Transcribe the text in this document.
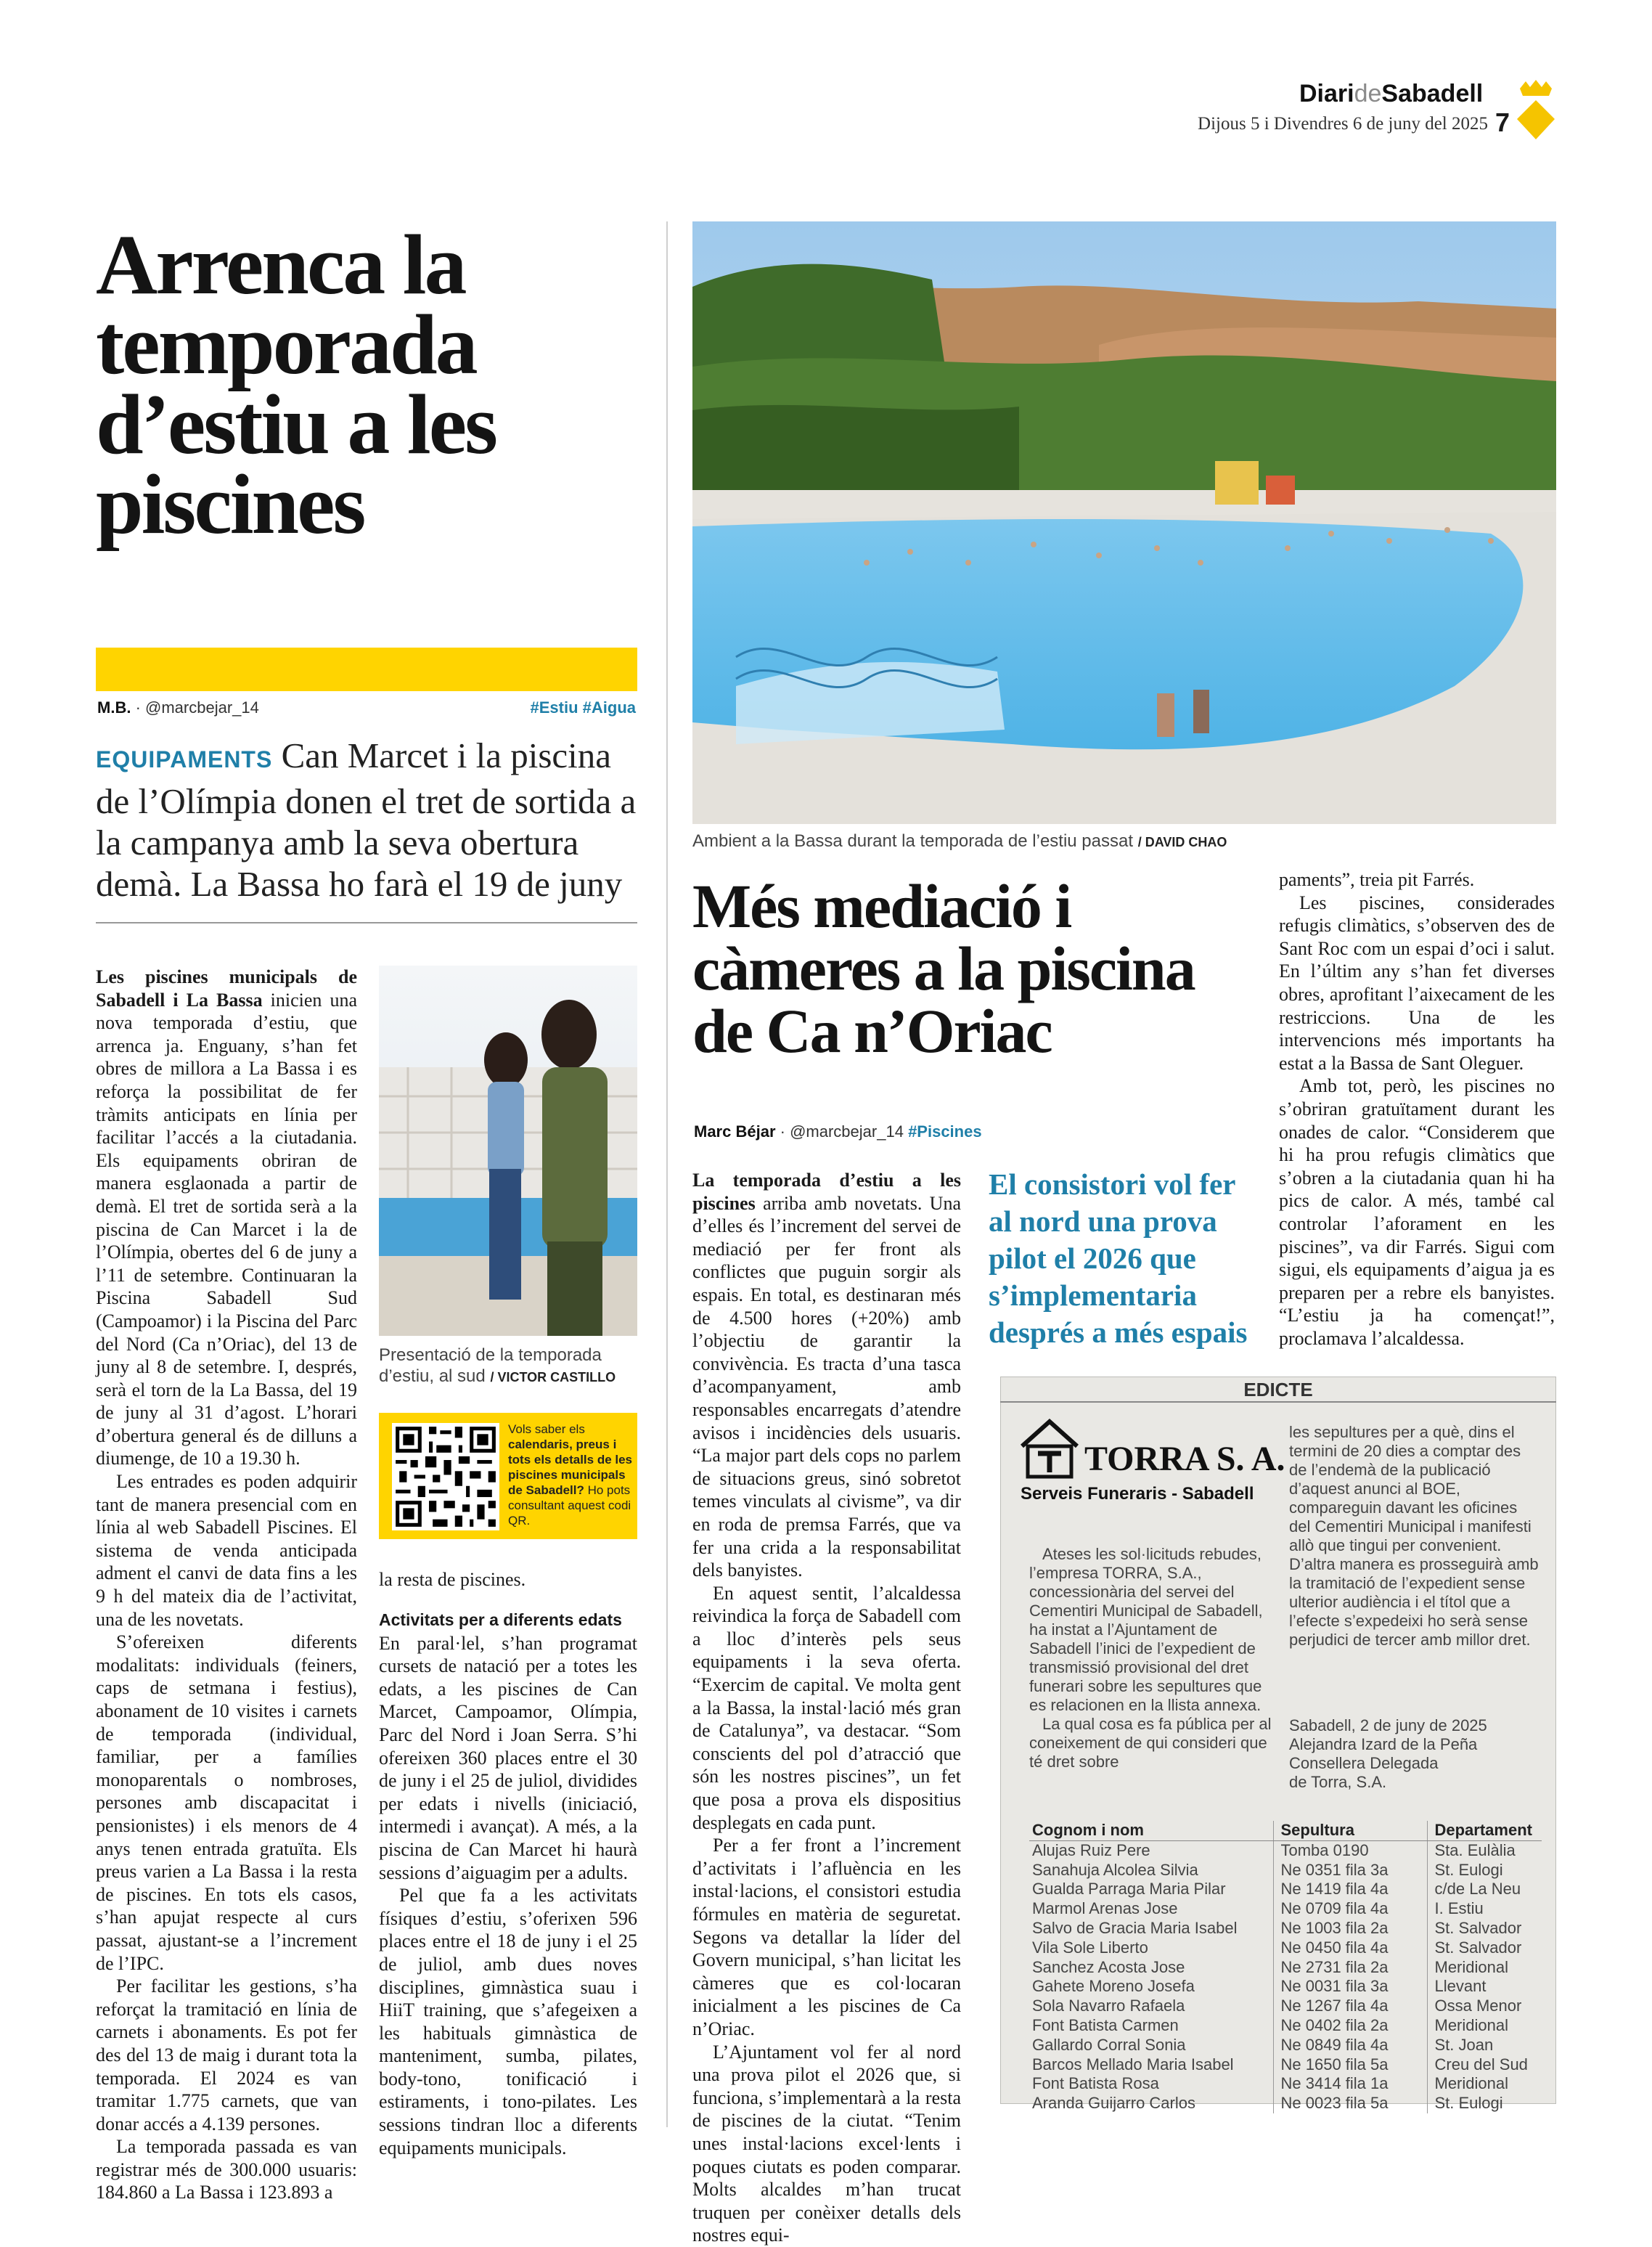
DiarideSabadell
Dijous 5 i Divendres 6 de juny del 2025 7
Arrenca la temporada d’estiu a les piscines
M.B. · @marcbejar_14	#Estiu #Aigua
EQUIPAMENTS Can Marcet i la piscina de l’Olímpia donen el tret de sortida a la campanya amb la seva obertura demà. La Bassa ho farà el 19 de juny

Les piscines municipals de Sabadell i La Bassa inicien una nova temporada d’estiu, que arrenca ja. Enguany, s’han fet obres de millora a La Bassa i es reforça la possibilitat de fer tràmits anticipats en línia per facilitar l’accés a la ciutadania. Els equipaments obriran de manera esglaonada a partir de demà. El tret de sortida serà a la piscina de Can Marcet i la de l’Olímpia, obertes del 6 de juny a l’11 de setembre. Continuaran la Piscina Sabadell Sud (Campoamor) i la Piscina del Parc del Nord (Ca n’Oriac), del 13 de juny al 8 de setembre. I, després, serà el torn de la La Bassa, del 19 de juny al 31 d’agost. L’horari d’obertura general és de dilluns a diumenge, de 10 a 19.30 h.

Les entrades es poden adquirir tant de manera presencial com en línia al web Sabadell Piscines. El sistema de venda anticipada adment el canvi de data fins a les 9 h del mateix dia de l’activitat, una de les novetats.

S’ofereixen diferents modalitats: individuals (feiners, caps de setmana i festius), abonament de 10 visites i carnets de temporada (individual, familiar, per a famílies monoparentals o nombroses, persones amb discapacitat i pensionistes) i els menors de 4 anys tenen entrada gratuïta. Els preus varien a La Bassa i la resta de piscines. En tots els casos, s’han apujat respecte al curs passat, ajustant-se a l’increment de l’IPC.

Per facilitar les gestions, s’ha reforçat la tramitació en línia de carnets i abonaments. Es pot fer des del 13 de maig i durant tota la temporada. El 2024 es van tramitar 1.775 carnets, que van donar accés a 4.139 persones.

La temporada passada es van registrar més de 300.000 usuaris: 184.860 a La Bassa i 123.893 a

Presentació de la temporada d’estiu, al sud / VICTOR CASTILLO
Vols saber els calendaris, preus i tots els detalls de les piscines municipals de Sabadell? Ho pots consultant aquest codi QR.

la resta de piscines.

Activitats per a diferents edats

En paral·lel, s’han programat cursets de natació per a totes les edats, a les piscines de Can Marcet, Campoamor, Olímpia, Parc del Nord i Joan Serra. S’hi ofereixen 360 places entre el 30 de juny i el 25 de juliol, dividides per edats i nivells (iniciació, intermedi i avançat). A més, a la piscina de Can Marcet hi haurà sessions d’aiguagim per a adults.

Pel que fa a les activitats físiques d’estiu, s’oferixen 596 places entre el 18 de juny i el 25 de juliol, amb dues noves disciplines, gimnàstica suau i HiiT training, que s’afegeixen a les habituals gimnàstica de manteniment, sumba, pilates, body-tono, tonificació i estiraments, i tono-pilates. Les sessions tindran lloc a diferents equipaments municipals.

Ambient a la Bassa durant la temporada de l’estiu passat / DAVID CHAO
Més mediació i càmeres a la piscina de Ca n’Oriac
Marc Béjar · @marcbejar_14 #Piscines

La temporada d’estiu a les piscines arriba amb novetats. Una d’elles és l’increment del servei de mediació per fer front als conflictes que puguin sorgir als espais. En total, es destinaran més de 4.500 hores (+20%) amb l’objectiu de garantir la convivència. Es tracta d’una tasca d’acompanyament, amb responsables encarregats d’atendre avisos i incidències dels usuaris. “La major part dels cops no parlem de situacions greus, sinó sobretot temes vinculats al civisme”, va dir en roda de premsa Farrés, que va fer una crida a la responsabilitat dels banyistes.

En aquest sentit, l’alcaldessa reivindica la força de Sabadell com a lloc d’interès pels seus equipaments i la seva oferta. “Exercim de capital. Ve molta gent a la Bassa, la instal·lació més gran de Catalunya”, va destacar. “Som conscients del pol d’atracció que són les nostres piscines”, un fet que posa a prova els dispositius desplegats en cada punt.

Per a fer front a l’increment d’activitats i l’afluència en les instal·lacions, el consistori estudia fórmules en matèria de seguretat. Segons va detallar la líder del Govern municipal, s’han licitat les càmeres que es col·locaran inicialment a les piscines de Ca n’Oriac.

L’Ajuntament vol fer al nord una prova pilot el 2026 que, si funciona, s’implementarà a la resta de piscines de la ciutat. “Tenim unes instal·lacions excel·lents i poques ciutats es poden comparar. Molts alcaldes m’han trucat truquen per conèixer detalls dels nostres equi-

El consistori vol fer al nord una prova pilot el 2026 que s’implementaria després a més espais

paments”, treia pit Farrés.

Les piscines, considerades refugis climàtics, s’observen des de Sant Roc com un espai d’oci i salut. En l’últim any s’han fet diverses obres, aprofitant l’aixecament de les restriccions. Una de les intervencions més importants ha estat a la Bassa de Sant Oleguer.

Amb tot, però, les piscines no s’obriran gratuïtament durant les onades de calor. “Considerem que hi ha prou refugis climàtics que s’obren a la ciutadania quan hi ha pics de calor. A més, també cal controlar l’aforament en les piscines”, va dir Farrés. Sigui com sigui, els equipaments d’aigua ja es preparen per a rebre els banyistes. “L’estiu ja ha començat!”, proclamava l’alcaldessa.

EDICTE
TORRA S. A.
Serveis Funeraris - Sabadell

Ateses les sol·licituds rebudes, l’empresa TORRA, S.A., concessionària del servei del Cementiri Municipal de Sabadell, ha instat a l’Ajuntament de Sabadell l’inici de l’expedient de transmissió provisional del dret funerari sobre les sepultures que es relacionen en la llista annexa.

La qual cosa es fa pública per al coneixement de qui consideri que té dret sobre

les sepultures per a què, dins el termini de 20 dies a comptar des de l’endemà de la publicació d’aquest anunci al BOE, compareguin davant les oficines del Cementiri Municipal i manifesti allò que tingui per convenient. D’altra manera es prosseguirà amb la tramitació de l’expedient sense ulterior audiència i el títol que a l’efecte s’expedeixi ho serà sense perjudici de tercer amb millor dret.
Sabadell, 2 de juny de 2025
Alejandra Izard de la Peña
Consellera Delegada
de Torra, S.A.
Cognom i nom	Sepultura	Departament
Alujas Ruiz Pere	Tomba 0190	Sta. Eulàlia
Sanahuja Alcolea Silvia	Ne 0351 fila 3a	St. Eulogi
Gualda Parraga Maria Pilar	Ne 1419 fila 4a	c/de La Neu
Marmol Arenas Jose	Ne 0709 fila 4a	I. Estiu
Salvo de Gracia Maria Isabel	Ne 1003 fila 2a	St. Salvador
Vila Sole Liberto	Ne 0450 fila 4a	St. Salvador
Sanchez Acosta Jose	Ne 2731 fila 2a	Meridional
Gahete Moreno Josefa	Ne 0031 fila 3a	Llevant
Sola Navarro Rafaela	Ne 1267 fila 4a	Ossa Menor
Font Batista Carmen	Ne 0402 fila 2a	Meridional
Gallardo Corral Sonia	Ne 0849 fila 4a	St. Joan
Barcos Mellado Maria Isabel	Ne 1650 fila 5a	Creu del Sud
Font Batista Rosa	Ne 3414 fila 1a	Meridional
Aranda Guijarro Carlos	Ne 0023 fila 5a	St. Eulogi
